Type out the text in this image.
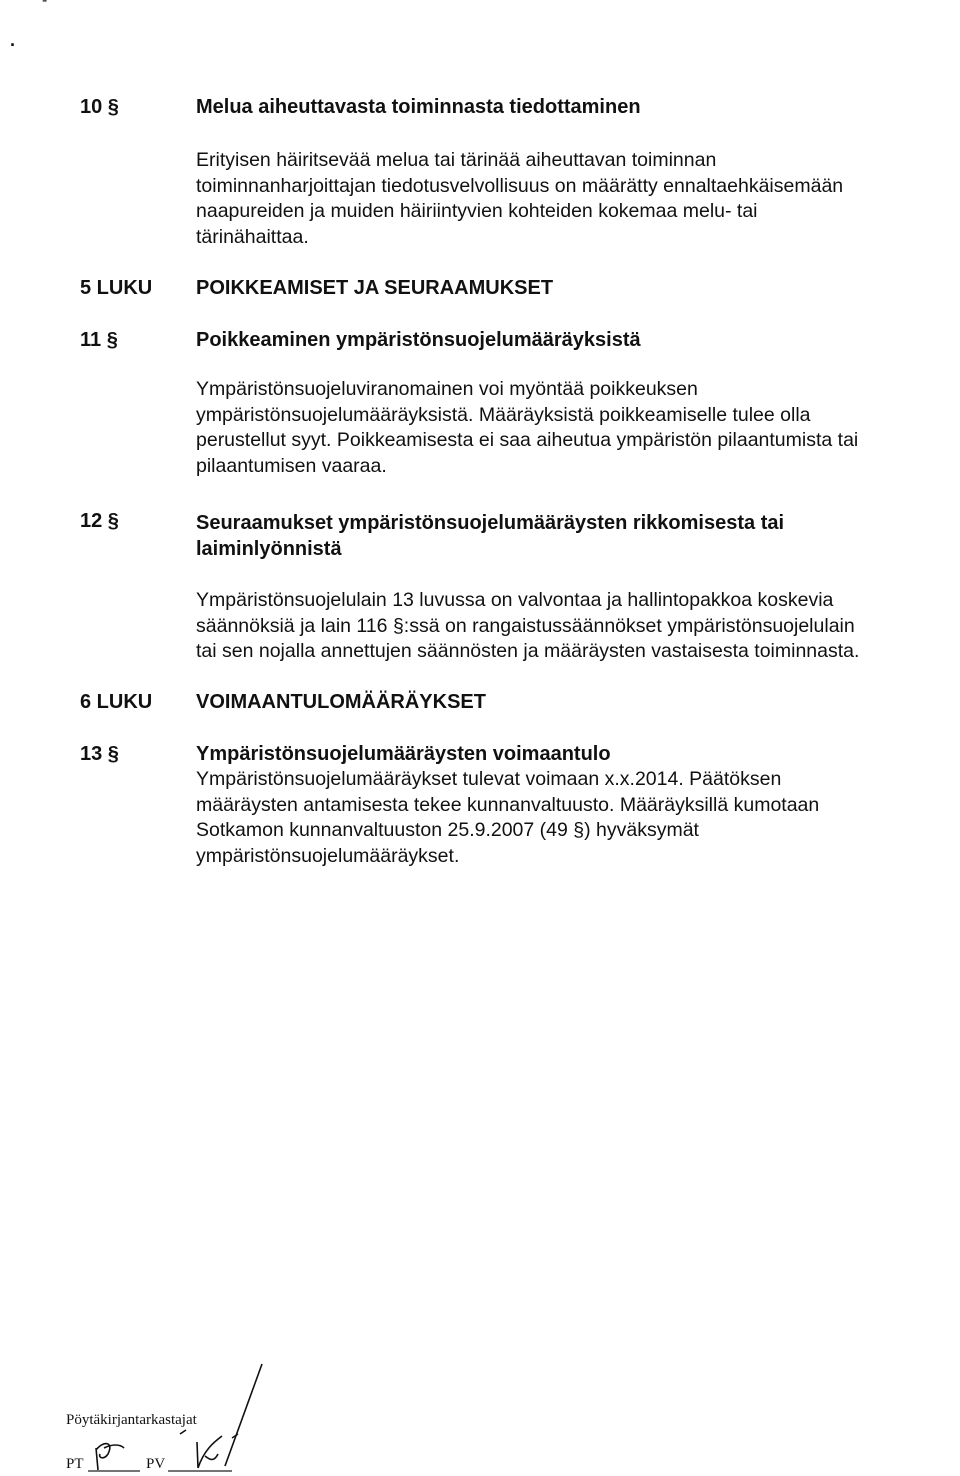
-
.
10 §	Melua aiheuttavasta toiminnasta tiedottaminen

Erityisen häiritsevää melua tai tärinää aiheuttavan toiminnan

toiminnanharjoittajan tiedotusvelvollisuus on määrätty ennaltaehkäisemään

naapureiden ja muiden häiriintyvien kohteiden kokemaa melu- tai

tärinähaittaa.

5 LUKU POIKKEAMISET JA SEURAAMUKSET
11 §	Poikkeaminen ympäristönsuojelumääräyksistä

Ympäristönsuojeluviranomainen voi myöntää poikkeuksen

ympäristönsuojelumääräyksistä. Määräyksistä poikkeamiselle tulee olla

perustellut syyt. Poikkeamisesta ei saa aiheutua ympäristön pilaantumista tai

pilaantumisen vaaraa.

12 §	Seuraamukset ympäristönsuojelumääräysten rikkomisesta tai
laiminlyönnistä

Ympäristönsuojelulain 13 luvussa on valvontaa ja hallintopakkoa koskevia

säännöksiä ja lain 116 §:ssä on rangaistussäännökset ympäristönsuojelulain

tai sen nojalla annettujen säännösten ja määräysten vastaisesta toiminnasta.

6 LUKU VOIMAANTULOMÄÄRÄYKSET
13 §	Ympäristönsuojelumääräysten voimaantulo

Ympäristönsuojelumääräykset tulevat voimaan x.x.2014. Päätöksen

määräysten antamisesta tekee kunnanvaltuusto. Määräyksillä kumotaan

Sotkamon kunnanvaltuuston 25.9.2007 (49 §) hyväksymät

ympäristönsuojelumääräykset.

Pöytäkirjantarkastajat
PT	PV
